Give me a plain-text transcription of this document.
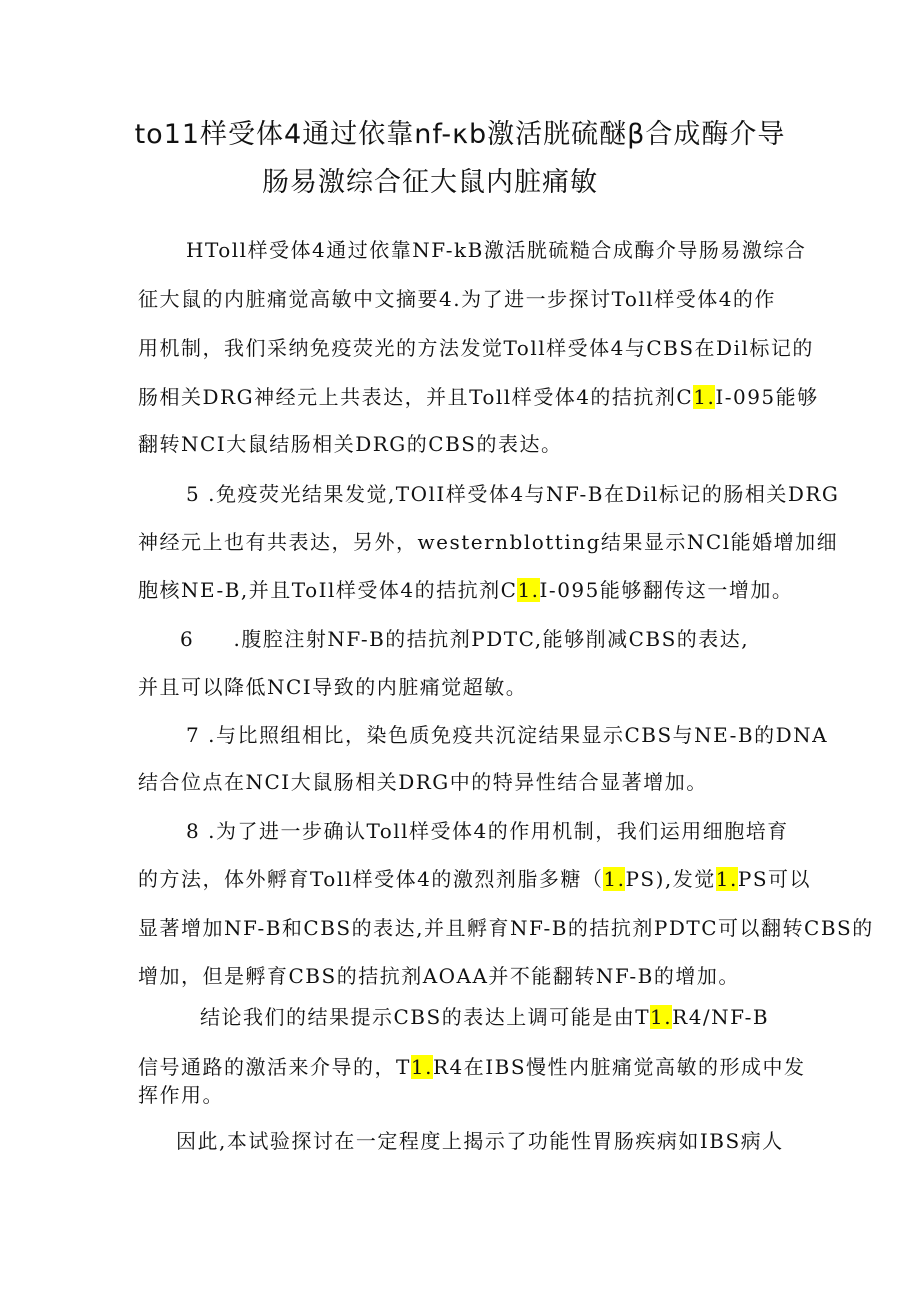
to11样受体4通过依靠nf-κb激活胱硫醚β合成酶介导
肠易激综合征大鼠内脏痛敏
HToll样受体4通过依靠NF-kB激活胱硫糙合成酶介导肠易激综合
征大鼠的内脏痛觉高敏中文摘要4.为了进一步探讨Toll样受体4的作
用机制，我们采纳免疫荧光的方法发觉Toll样受体4与CBS在Dil标记的
肠相关DRG神经元上共表达，并且Toll样受体4的拮抗剂C1.I-095能够
翻转NCI大鼠结肠相关DRG的CBS的表达。
5 .免疫荧光结果发觉,TOlI样受体4与NF-B在Dil标记的肠相关DRG
神经元上也有共表达，另外，westernblotting结果显示NCl能婚增加细
胞核NE-B,并且ToIl样受体4的拮抗剂C1.I-095能够翻传这一增加。
6     .腹腔注射NF-B的拮抗剂PDTC,能够削减CBS的表达,
并且可以降低NCI导致的内脏痛觉超敏。
7 .与比照组相比，染色质免疫共沉淀结果显示CBS与NE-B的DNA
结合位点在NCI大鼠肠相关DRG中的特异性结合显著增加。
8 .为了进一步确认Toll样受体4的作用机制，我们运用细胞培育
的方法，体外孵育Toll样受体4的激烈剂脂多糖（1.PS),发觉1.PS可以
显著增加NF-B和CBS的表达,并且孵育NF-B的拮抗剂PDTC可以翻转CBS的
增加，但是孵育CBS的拮抗剂AOAA并不能翻转NF-B的增加。
结论我们的结果提示CBS的表达上调可能是由T1.R4/NF-B
信号通路的激活来介导的，T1.R4在IBS慢性内脏痛觉高敏的形成中发
挥作用。
因此,本试验探讨在一定程度上揭示了功能性胃肠疾病如IBS病人
